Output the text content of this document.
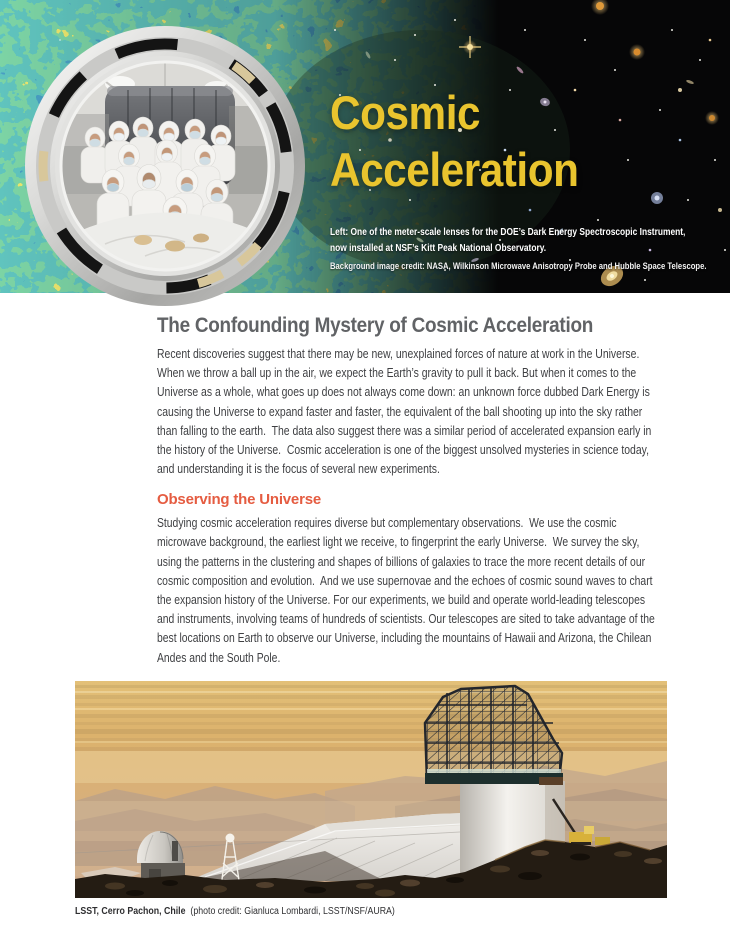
Cosmic
Acceleration
Left: One of the meter-scale lenses for the DOE’s Dark Energy Spectroscopic Instrument,
now installed at NSF’s Kitt Peak National Observatory.
Background image credit: NASA, Wilkinson Microwave Anisotropy Probe and Hubble Space Telescope.
The Confounding Mystery of Cosmic Acceleration

Recent discoveries suggest that there may be new, unexplained forces of nature at work in the Universe.  When we throw a ball up in the air, we expect the Earth’s gravity to pull it back. But when it comes to the Universe as a whole, what goes up does not always come down: an unknown force dubbed Dark Energy is causing the Universe to expand faster and faster, the equivalent of the ball shooting up into the sky rather than falling to the earth.  The data also suggest there was a similar period of accelerated expansion early in the history of the Universe.  Cosmic acceleration is one of the biggest unsolved mysteries in science today, and understanding it is the focus of several new experiments.

Observing the Universe

Studying cosmic acceleration requires diverse but complementary observations.  We use the cosmic microwave background, the earliest light we receive, to fingerprint the early Universe.  We survey the sky, using the patterns in the clustering and shapes of billions of galaxies to trace the more recent details of our cosmic composition and evolution.  And we use supernovae and the echoes of cosmic sound waves to chart the expansion history of the Universe. For our experiments, we build and operate world-leading telescopes and instruments, involving teams of hundreds of scientists. Our telescopes are sited to take advantage of the best locations on Earth to observe our Universe, including the mountains of Hawaii and Arizona, the Chilean Andes and the South Pole.

LSST, Cerro Pachon, Chile  (photo credit: Gianluca Lombardi, LSST/NSF/AURA)
